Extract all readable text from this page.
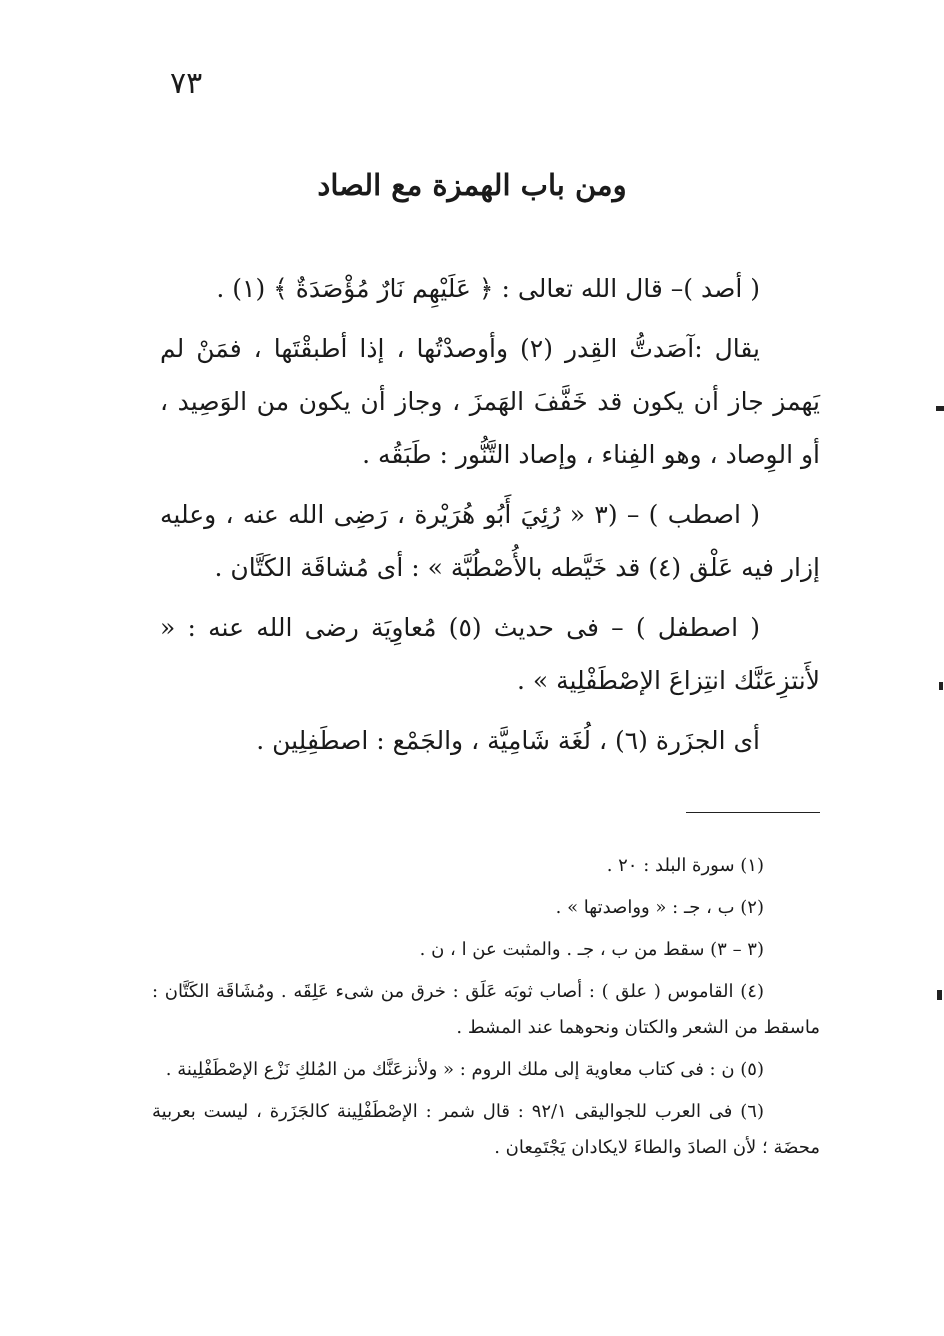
٧٣
ومن باب الهمزة مع الصاد

( أصد )– قال الله تعالى : ﴿ عَلَيْهِم نَارٌ مُؤْصَدَةٌ ﴾ (١) .

يقال :آصَدتُّ القِدر (٢) وأوصدْتُها ، إذا أطبقْتَها ، فمَنْ لم يَهمز جاز أن يكون قد خَفَّفَ الهَمزَ ، وجاز أن يكون من الوَصِيد ، أو الوِصاد ، وهو الفِناء ، وإصاد التَّنُّور : طَبَقُه .

( اصطب ) – (٣ « رُئِيَ أَبُو هُرَيْرة ، رَضِى الله عنه ، وعليه إزار فيه عَلْق (٤) قد خَيَّطه بالأُصْطُبَّة » : أى مُشاقَة الكَتَّان .

( اصطفل ) – فى حديث (٥) مُعاوِيَة رضى الله عنه : « لأَنتزِعَنَّك انتِزاعَ الإصْطَفْلِية » .

أى الجزَرة (٦) ، لُغَة شَامِيَّة ، والجَمْع : اصطَفِلِين .

(١) سورة البلد : ٢٠ .

(٢) ب ، جـ : « وواصدتها » .

(٣ – ٣) سقط من ب ، جـ . والمثبت عن ا ، ن .

(٤) القاموس ( علق ) : أصاب ثوبَه عَلَق : خرق من شىء عَلِقَه . ومُشَاقَة الكَتَّان : ماسقط من الشعر والكتان ونحوهما عند المشط .

(٥) ن : فى كتاب معاوية إلى ملك الروم : « ولأنزعَنَّك من المُلكِ نَزْع الإصْطَفْلِينة .

(٦) فى العرب للجواليقى ٩٢/١ : قال شمر : الإصْطَفْلِينة كالجَزَرة ، ليست بعربية محضَة ؛ لأن الصادَ والطاءَ لايكادان يَجْتَمِعان .
